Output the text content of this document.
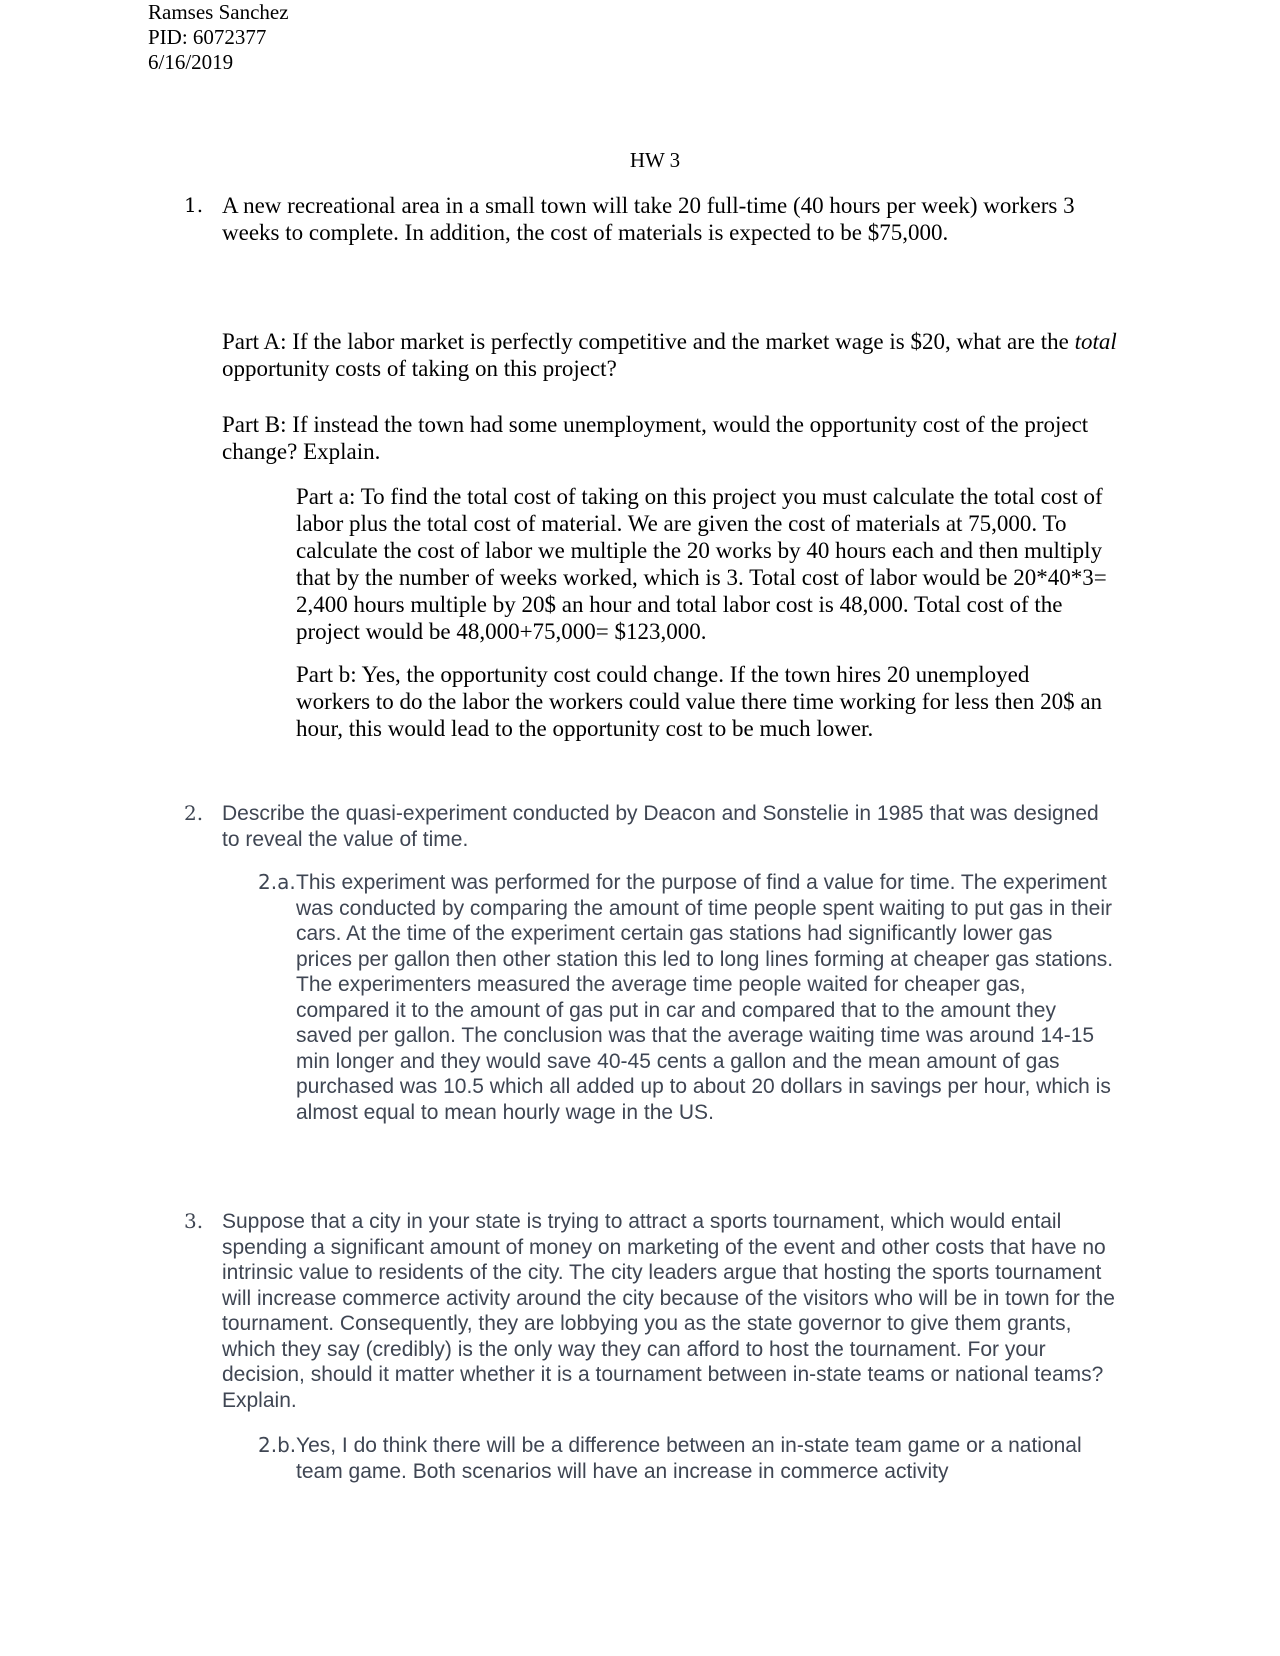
Ramses Sanchez
PID: 6072377
6/16/2019
HW 3
1. A new recreational area in a small town will take 20 full-time (40 hours per week) workers 3 weeks to complete. In addition, the cost of materials is expected to be $75,000.

Part A: If the labor market is perfectly competitive and the market wage is $20, what are the total opportunity costs of taking on this project?

Part B: If instead the town had some unemployment, would the opportunity cost of the project change? Explain.

Part a: To find the total cost of taking on this project you must calculate the total cost of labor plus the total cost of material. We are given the cost of materials at 75,000. To calculate the cost of labor we multiple the 20 works by 40 hours each and then multiply that by the number of weeks worked, which is 3. Total cost of labor would be 20*40*3= 2,400 hours multiple by 20$ an hour and total labor cost is 48,000. Total cost of the project would be 48,000+75,000= $123,000.

Part b: Yes, the opportunity cost could change. If the town hires 20 unemployed workers to do the labor the workers could value there time working for less then 20$ an hour, this would lead to the opportunity cost to be much lower.

2. Describe the quasi-experiment conducted by Deacon and Sonstelie in 1985 that was designed to reveal the value of time.

2.a. This experiment was performed for the purpose of find a value for time. The experiment was conducted by comparing the amount of time people spent waiting to put gas in their cars. At the time of the experiment certain gas stations had significantly lower gas prices per gallon then other station this led to long lines forming at cheaper gas stations. The experimenters measured the average time people waited for cheaper gas, compared it to the amount of gas put in car and compared that to the amount they saved per gallon. The conclusion was that the average waiting time was around 14-15 min longer and they would save 40-45 cents a gallon and the mean amount of gas purchased was 10.5 which all added up to about 20 dollars in savings per hour, which is almost equal to mean hourly wage in the US.

3. Suppose that a city in your state is trying to attract a sports tournament, which would entail spending a significant amount of money on marketing of the event and other costs that have no intrinsic value to residents of the city. The city leaders argue that hosting the sports tournament will increase commerce activity around the city because of the visitors who will be in town for the tournament. Consequently, they are lobbying you as the state governor to give them grants, which they say (credibly) is the only way they can afford to host the tournament. For your decision, should it matter whether it is a tournament between in-state teams or national teams? Explain.

2.b. Yes, I do think there will be a difference between an in-state team game or a national team game. Both scenarios will have an increase in commerce activity
